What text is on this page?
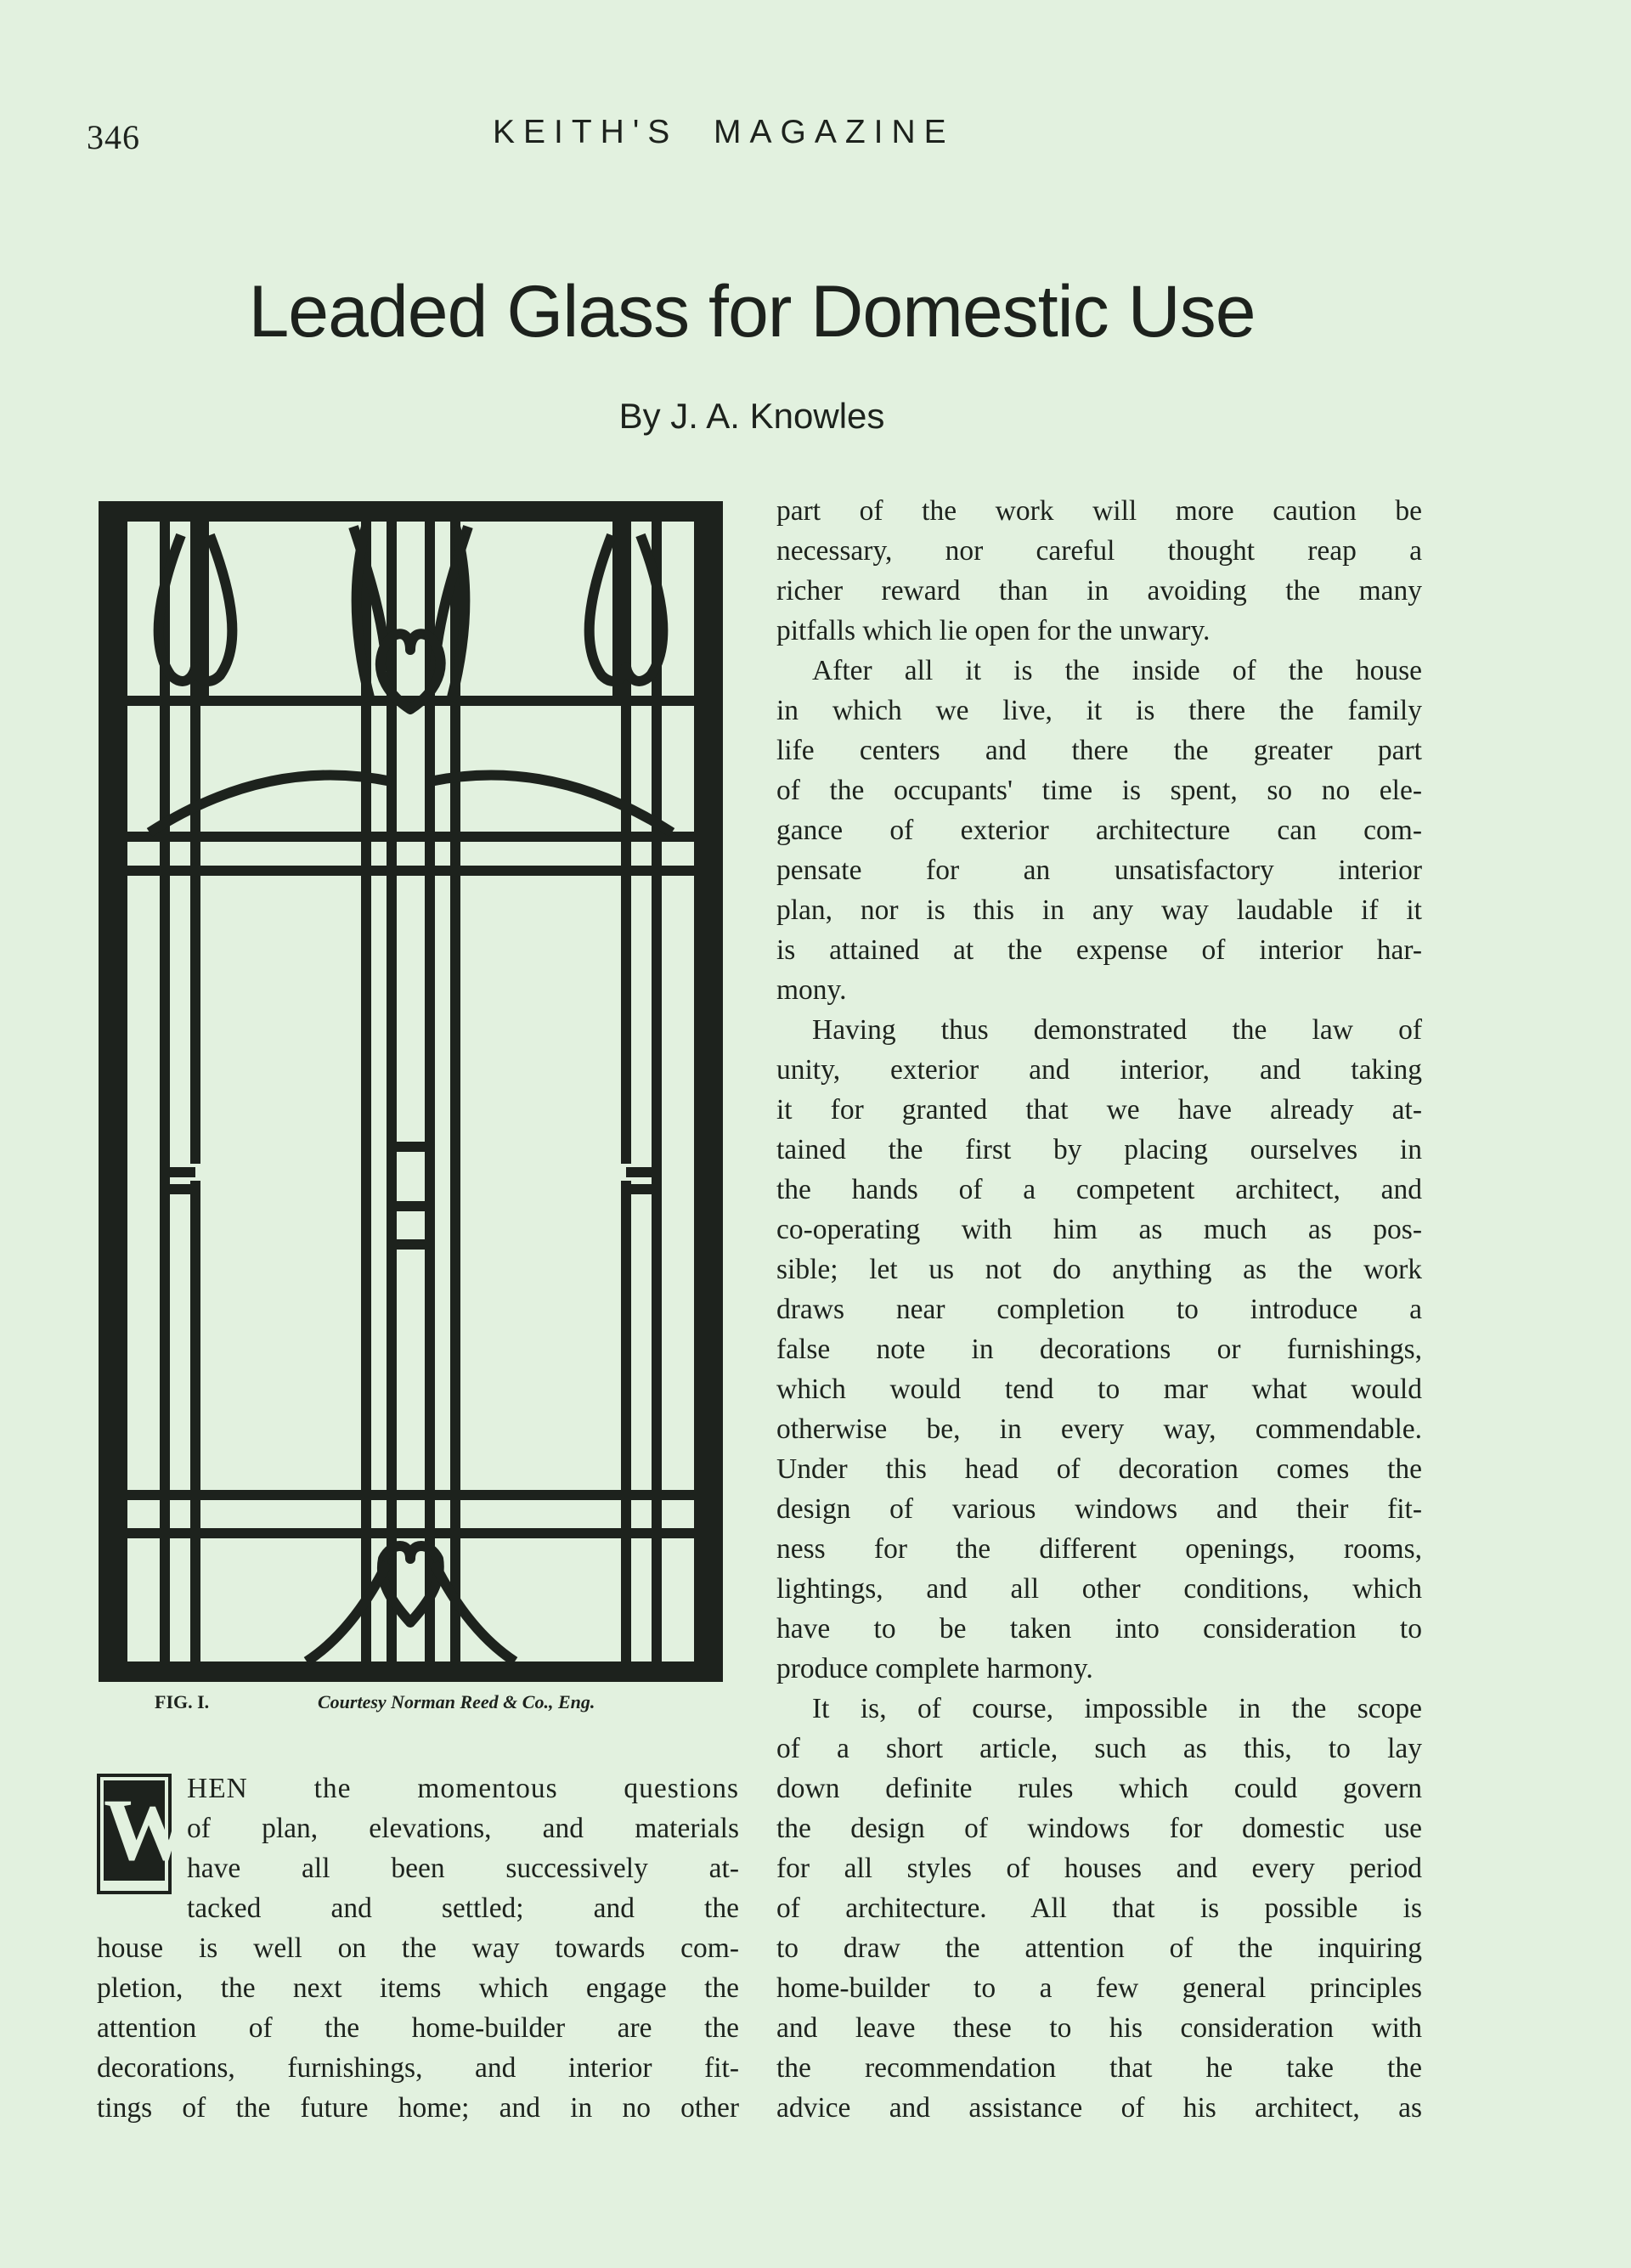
346	KEITH'S  MAGAZINE
Leaded Glass for Domestic Use
By J. A. Knowles
FIG. I.	Courtesy Norman Reed & Co., Eng.
W

HEN the momentous questions

of plan, elevations, and materials

have all been successively at-

tacked and settled; and the

house is well on the way towards com-

pletion, the next items which engage the

attention of the home-builder are the

decorations, furnishings, and interior fit-

tings of the future home; and in no other

part of the work will more caution be

necessary, nor careful thought reap a

richer reward than in avoiding the many

pitfalls which lie open for the unwary.

After all it is the inside of the house

in which we live, it is there the family

life centers and there the greater part

of the occupants' time is spent, so no ele-

gance of exterior architecture can com-

pensate for an unsatisfactory interior

plan, nor is this in any way laudable if it

is attained at the expense of interior har-

mony.

Having thus demonstrated the law of

unity, exterior and interior, and taking

it for granted that we have already at-

tained the first by placing ourselves in

the hands of a competent architect, and

co-operating with him as much as pos-

sible; let us not do anything as the work

draws near completion to introduce a

false note in decorations or furnishings,

which would tend to mar what would

otherwise be, in every way, commendable.

Under this head of decoration comes the

design of various windows and their fit-

ness for the different openings, rooms,

lightings, and all other conditions, which

have to be taken into consideration to

produce complete harmony.

It is, of course, impossible in the scope

of a short article, such as this, to lay

down definite rules which could govern

the design of windows for domestic use

for all styles of houses and every period

of architecture. All that is possible is

to draw the attention of the inquiring

home-builder to a few general principles

and leave these to his consideration with

the recommendation that he take the

advice and assistance of his architect, as
